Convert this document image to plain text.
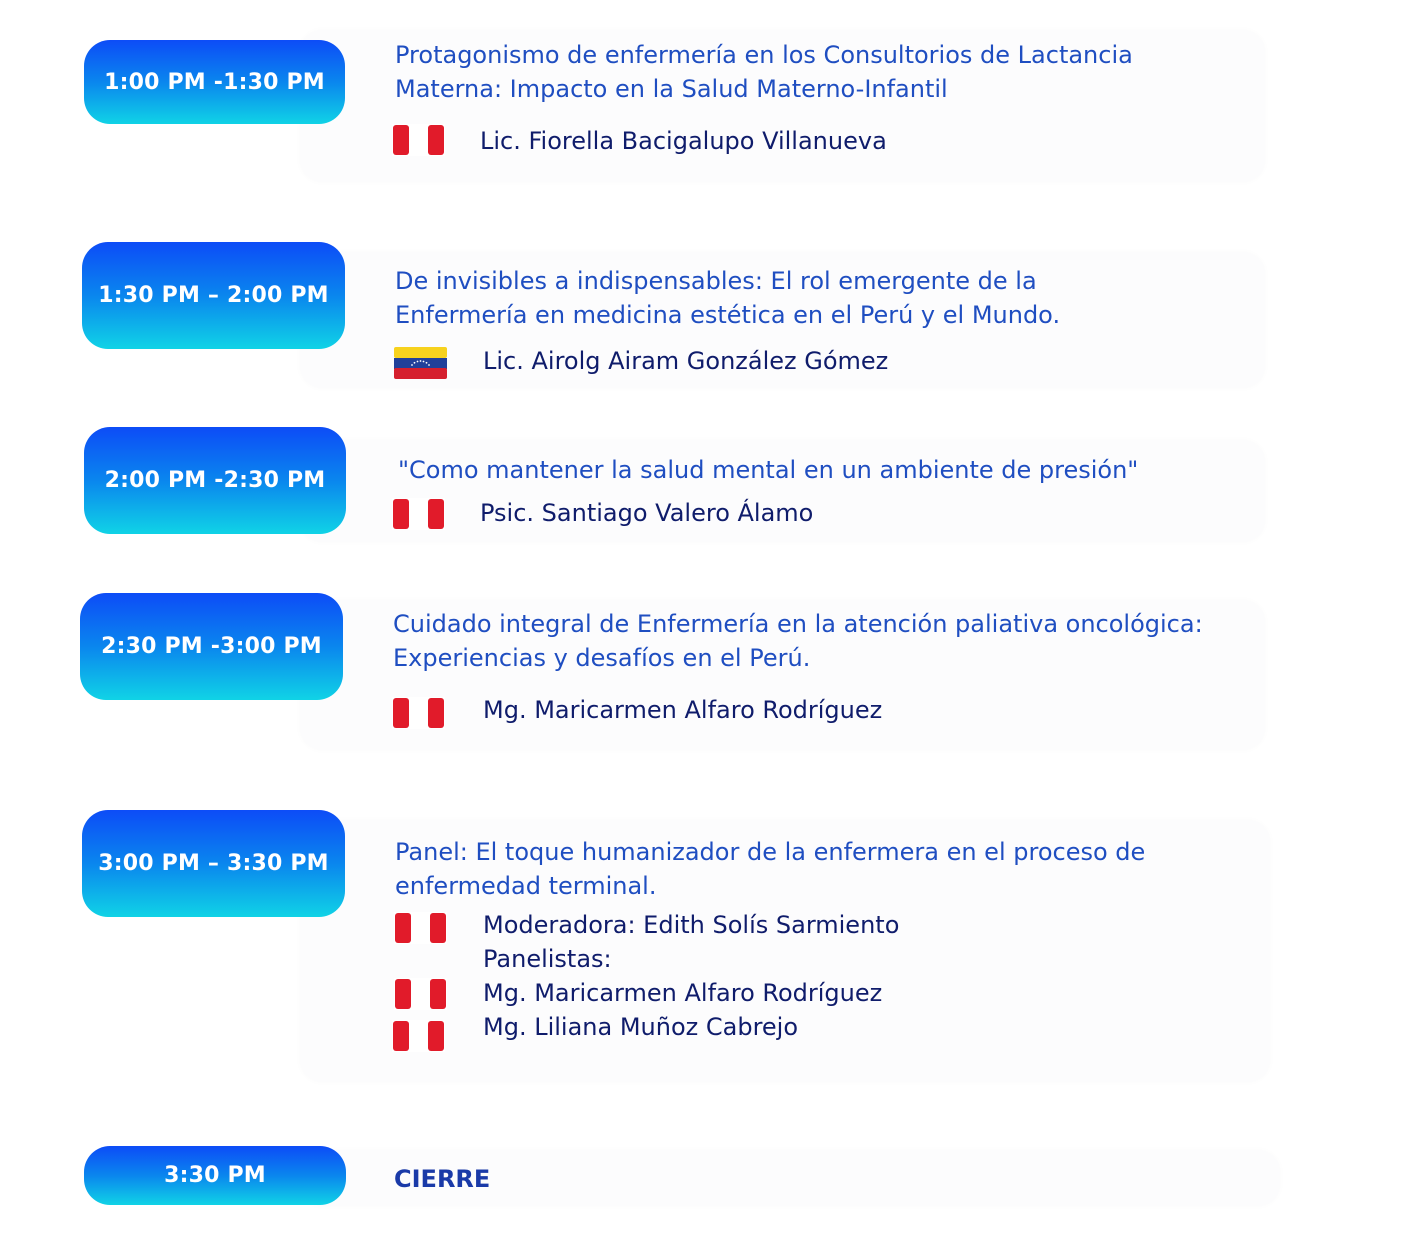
1:00 PM -1:30 PM
Protagonismo de enfermería en los Consultorios de Lactancia
Materna: Impacto en la Salud Materno-Infantil
Lic. Fiorella Bacigalupo Villanueva
1:30 PM – 2:00 PM
De invisibles a indispensables: El rol emergente de la
Enfermería en medicina estética en el Perú y el Mundo.
Lic. Airolg Airam González Gómez
2:00 PM -2:30 PM	"Como mantener la salud mental en un ambiente de presión"
Psic. Santiago Valero Álamo
2:30 PM -3:00 PM
Cuidado integral de Enfermería en la atención paliativa oncológica:
Experiencias y desafíos en el Perú.
Mg. Maricarmen Alfaro Rodríguez
3:00 PM – 3:30 PM	Panel: El toque humanizador de la enfermera en el proceso de
enfermedad terminal.
Moderadora: Edith Solís Sarmiento
Panelistas:
Mg. Maricarmen Alfaro Rodríguez
Mg. Liliana Muñoz Cabrejo
3:30 PM	CIERRE
